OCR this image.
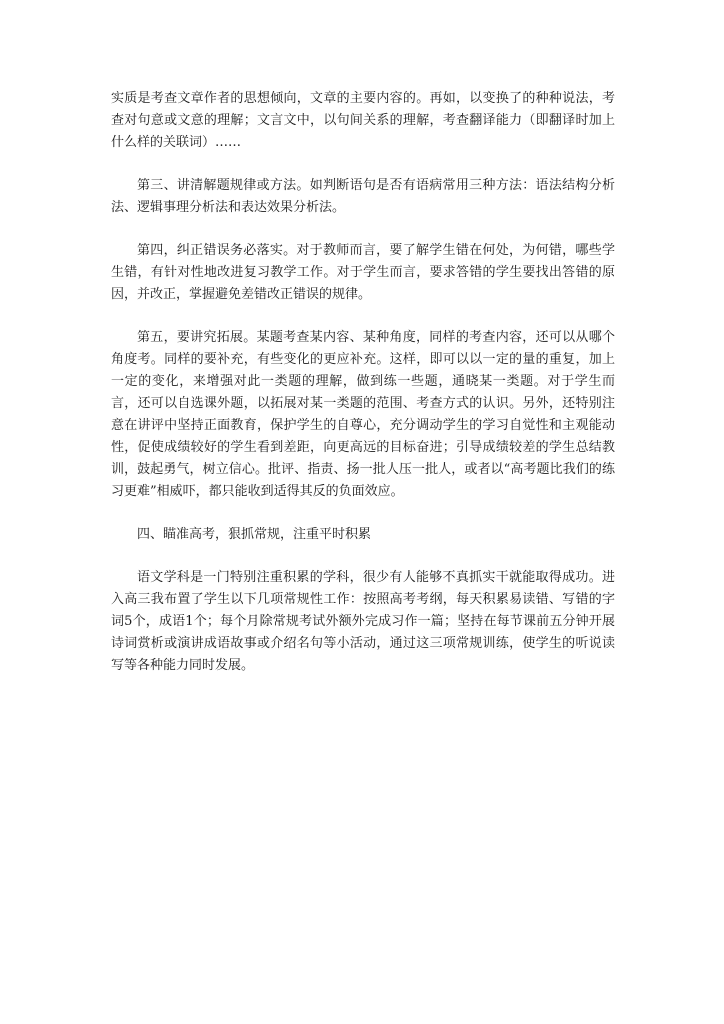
实质是考查文章作者的思想倾向，文章的主要内容的。再如，以变换了的种种说法，考查对句意或文意的理解；文言文中，以句间关系的理解，考查翻译能力（即翻译时加上什么样的关联词）……

第三、讲清解题规律或方法。如判断语句是否有语病常用三种方法：语法结构分析法、逻辑事理分析法和表达效果分析法。

第四，纠正错误务必落实。对于教师而言，要了解学生错在何处，为何错，哪些学生错，有针对性地改进复习教学工作。对于学生而言，要求答错的学生要找出答错的原因，并改正，掌握避免差错改正错误的规律。

第五，要讲究拓展。某题考查某内容、某种角度，同样的考查内容，还可以从哪个角度考。同样的要补充，有些变化的更应补充。这样，即可以以一定的量的重复，加上一定的变化，来增强对此一类题的理解，做到练一些题，通晓某一类题。对于学生而言，还可以自选课外题，以拓展对某一类题的范围、考查方式的认识。另外，还特别注意在讲评中坚持正面教育，保护学生的自尊心，充分调动学生的学习自觉性和主观能动性，促使成绩较好的学生看到差距，向更高远的目标奋进；引导成绩较差的学生总结教训，鼓起勇气，树立信心。批评、指责、扬一批人压一批人，或者以“高考题比我们的练习更难”相威吓，都只能收到适得其反的负面效应。

四、瞄准高考，狠抓常规，注重平时积累

语文学科是一门特别注重积累的学科，很少有人能够不真抓实干就能取得成功。进入高三我布置了学生以下几项常规性工作：按照高考考纲，每天积累易读错、写错的字词5个，成语1个；每个月除常规考试外额外完成习作一篇；坚持在每节课前五分钟开展诗词赏析或演讲成语故事或介绍名句等小活动，通过这三项常规训练，使学生的听说读写等各种能力同时发展。
